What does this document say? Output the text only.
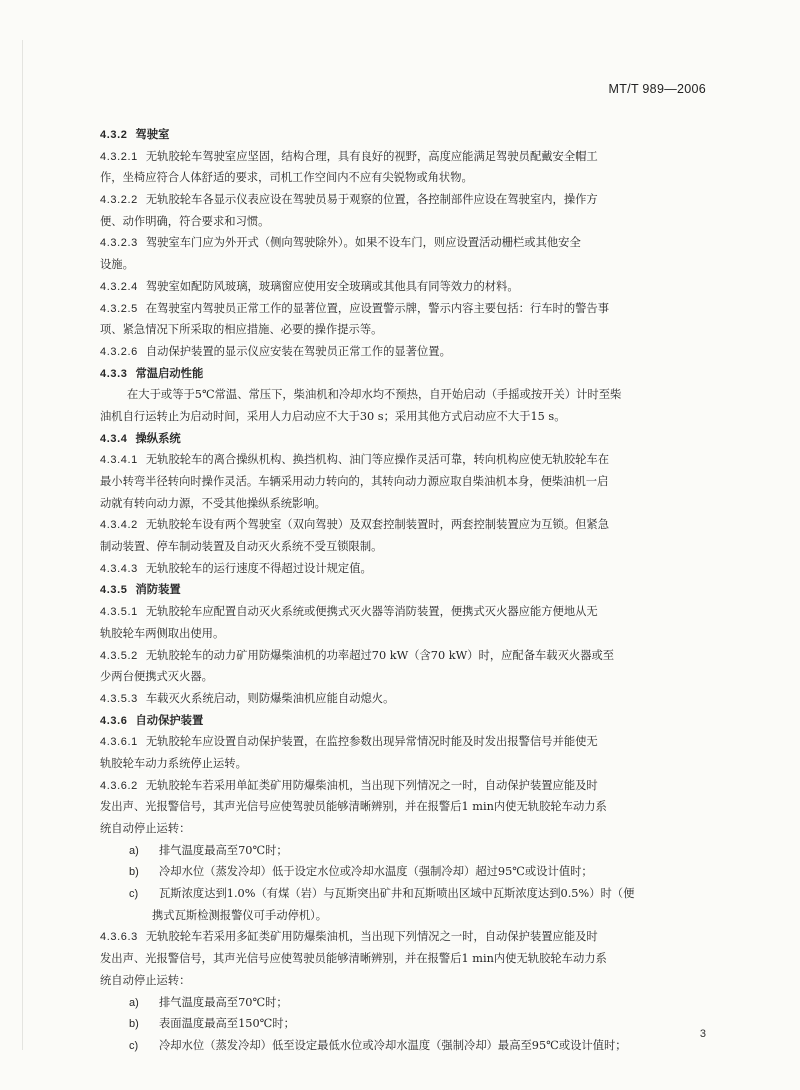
MT/T 989—2006
4.3.2 驾驶室
4.3.2.1 无轨胶轮车驾驶室应坚固，结构合理，具有良好的视野，高度应能满足驾驶员配戴安全帽工
作，坐椅应符合人体舒适的要求，司机工作空间内不应有尖锐物或角状物。
4.3.2.2 无轨胶轮车各显示仪表应设在驾驶员易于观察的位置，各控制部件应设在驾驶室内，操作方
便、动作明确，符合要求和习惯。
4.3.2.3 驾驶室车门应为外开式（侧向驾驶除外）。如果不设车门，则应设置活动栅栏或其他安全
设施。
4.3.2.4 驾驶室如配防风玻璃，玻璃窗应使用安全玻璃或其他具有同等效力的材料。
4.3.2.5 在驾驶室内驾驶员正常工作的显著位置，应设置警示牌，警示内容主要包括：行车时的警告事
项、紧急情况下所采取的相应措施、必要的操作提示等。
4.3.2.6 自动保护装置的显示仪应安装在驾驶员正常工作的显著位置。
4.3.3 常温启动性能
在大于或等于5℃常温、常压下，柴油机和冷却水均不预热，自开始启动（手摇或按开关）计时至柴
油机自行运转止为启动时间，采用人力启动应不大于30 s；采用其他方式启动应不大于15 s。
4.3.4 操纵系统
4.3.4.1 无轨胶轮车的离合操纵机构、换挡机构、油门等应操作灵活可靠，转向机构应使无轨胶轮车在
最小转弯半径转向时操作灵活。车辆采用动力转向的，其转向动力源应取自柴油机本身，便柴油机一启
动就有转向动力源，不受其他操纵系统影响。
4.3.4.2 无轨胶轮车设有两个驾驶室（双向驾驶）及双套控制装置时，两套控制装置应为互锁。但紧急
制动装置、停车制动装置及自动灭火系统不受互锁限制。
4.3.4.3 无轨胶轮车的运行速度不得超过设计规定值。
4.3.5 消防装置
4.3.5.1 无轨胶轮车应配置自动灭火系统或便携式灭火器等消防装置，便携式灭火器应能方便地从无
轨胶轮车两侧取出使用。
4.3.5.2 无轨胶轮车的动力矿用防爆柴油机的功率超过70 kW（含70 kW）时，应配备车载灭火器或至
少两台便携式灭火器。
4.3.5.3 车载灭火系统启动，则防爆柴油机应能自动熄火。
4.3.6 自动保护装置
4.3.6.1 无轨胶轮车应设置自动保护装置，在监控参数出现异常情况时能及时发出报警信号并能使无
轨胶轮车动力系统停止运转。
4.3.6.2 无轨胶轮车若采用单缸类矿用防爆柴油机，当出现下列情况之一时，自动保护装置应能及时
发出声、光报警信号，其声光信号应使驾驶员能够清晰辨别，并在报警后1 min内使无轨胶轮车动力系
统自动停止运转：
a) 排气温度最高至70℃时；
b) 冷却水位（蒸发冷却）低于设定水位或冷却水温度（强制冷却）超过95℃或设计值时；
c) 瓦斯浓度达到1.0%（有煤（岩）与瓦斯突出矿井和瓦斯喷出区域中瓦斯浓度达到0.5%）时（便
携式瓦斯检测报警仪可手动停机）。
4.3.6.3 无轨胶轮车若采用多缸类矿用防爆柴油机，当出现下列情况之一时，自动保护装置应能及时
发出声、光报警信号，其声光信号应使驾驶员能够清晰辨别，并在报警后1 min内使无轨胶轮车动力系
统自动停止运转：
a) 排气温度最高至70℃时；
b) 表面温度最高至150℃时；
c) 冷却水位（蒸发冷却）低至设定最低水位或冷却水温度（强制冷却）最高至95℃或设计值时；
3
